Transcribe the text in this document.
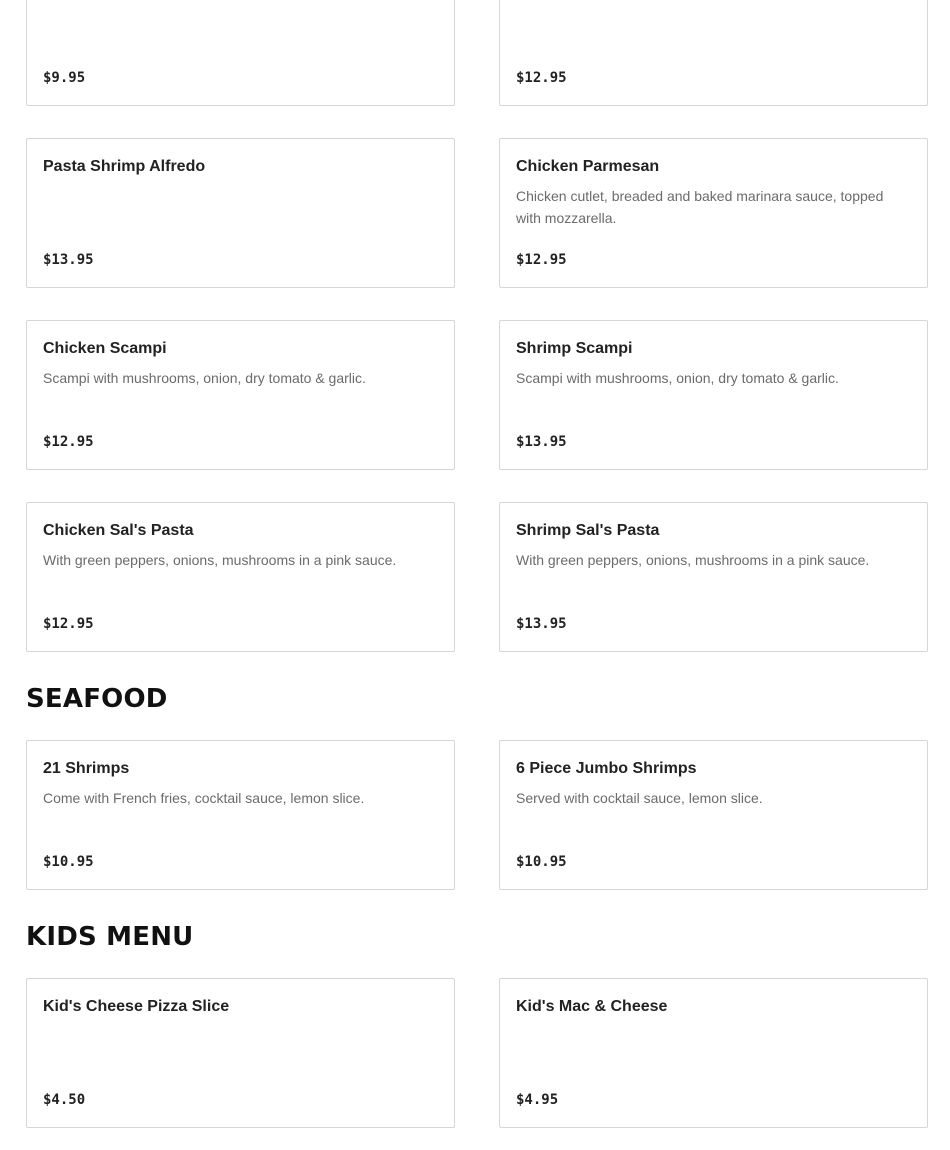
$9.95	$12.95
Pasta Shrimp Alfredo
$13.95
Chicken Parmesan
Chicken cutlet, breaded and baked marinara sauce, topped with mozzarella.
$12.95
Chicken Scampi
Scampi with mushrooms, onion, dry tomato & garlic.
$12.95
Shrimp Scampi
Scampi with mushrooms, onion, dry tomato & garlic.
$13.95
Chicken Sal's Pasta
With green peppers, onions, mushrooms in a pink sauce.
$12.95
Shrimp Sal's Pasta
With green peppers, onions, mushrooms in a pink sauce.
$13.95
SEAFOOD
21 Shrimps
Come with French fries, cocktail sauce, lemon slice.
$10.95
6 Piece Jumbo Shrimps
Served with cocktail sauce, lemon slice.
$10.95
KIDS MENU
Kid's Cheese Pizza Slice
$4.50
Kid's Mac & Cheese
$4.95
